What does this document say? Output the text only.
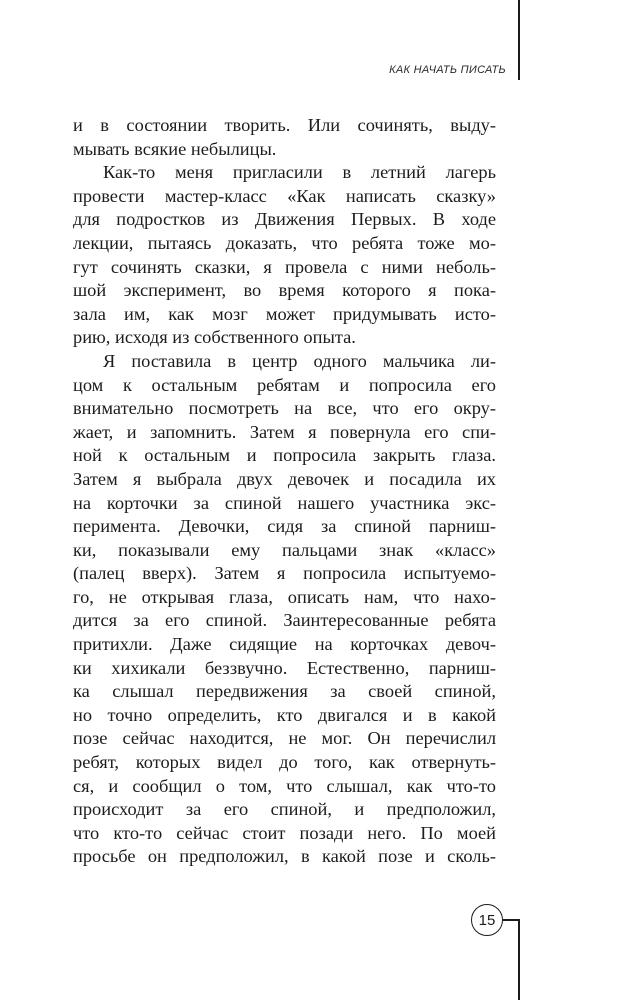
КАК НАЧАТЬ ПИСАТЬ
и в состоянии творить. Или сочинять, выду-
мывать всякие небылицы.
Как-то меня пригласили в летний лагерь
провести мастер-класс «Как написать сказку»
для подростков из Движения Первых. В ходе
лекции, пытаясь доказать, что ребята тоже мо-
гут сочинять сказки, я провела с ними неболь-
шой эксперимент, во время которого я пока-
зала им, как мозг может придумывать исто-
рию, исходя из собственного опыта.
Я поставила в центр одного мальчика ли-
цом к остальным ребятам и попросила его
внимательно посмотреть на все, что его окру-
жает, и запомнить. Затем я повернула его спи-
ной к остальным и попросила закрыть глаза.
Затем я выбрала двух девочек и посадила их
на корточки за спиной нашего участника экс-
перимента. Девочки, сидя за спиной парниш-
ки, показывали ему пальцами знак «класс»
(палец вверх). Затем я попросила испытуемо-
го, не открывая глаза, описать нам, что нахо-
дится за его спиной. Заинтересованные ребята
притихли. Даже сидящие на корточках девоч-
ки хихикали беззвучно. Естественно, парниш-
ка слышал передвижения за своей спиной,
но точно определить, кто двигался и в какой
позе сейчас находится, не мог. Он перечислил
ребят, которых видел до того, как отвернуть-
ся, и сообщил о том, что слышал, как что-то
происходит за его спиной, и предположил,
что кто-то сейчас стоит позади него. По моей
просьбе он предположил, в какой позе и сколь-
15
